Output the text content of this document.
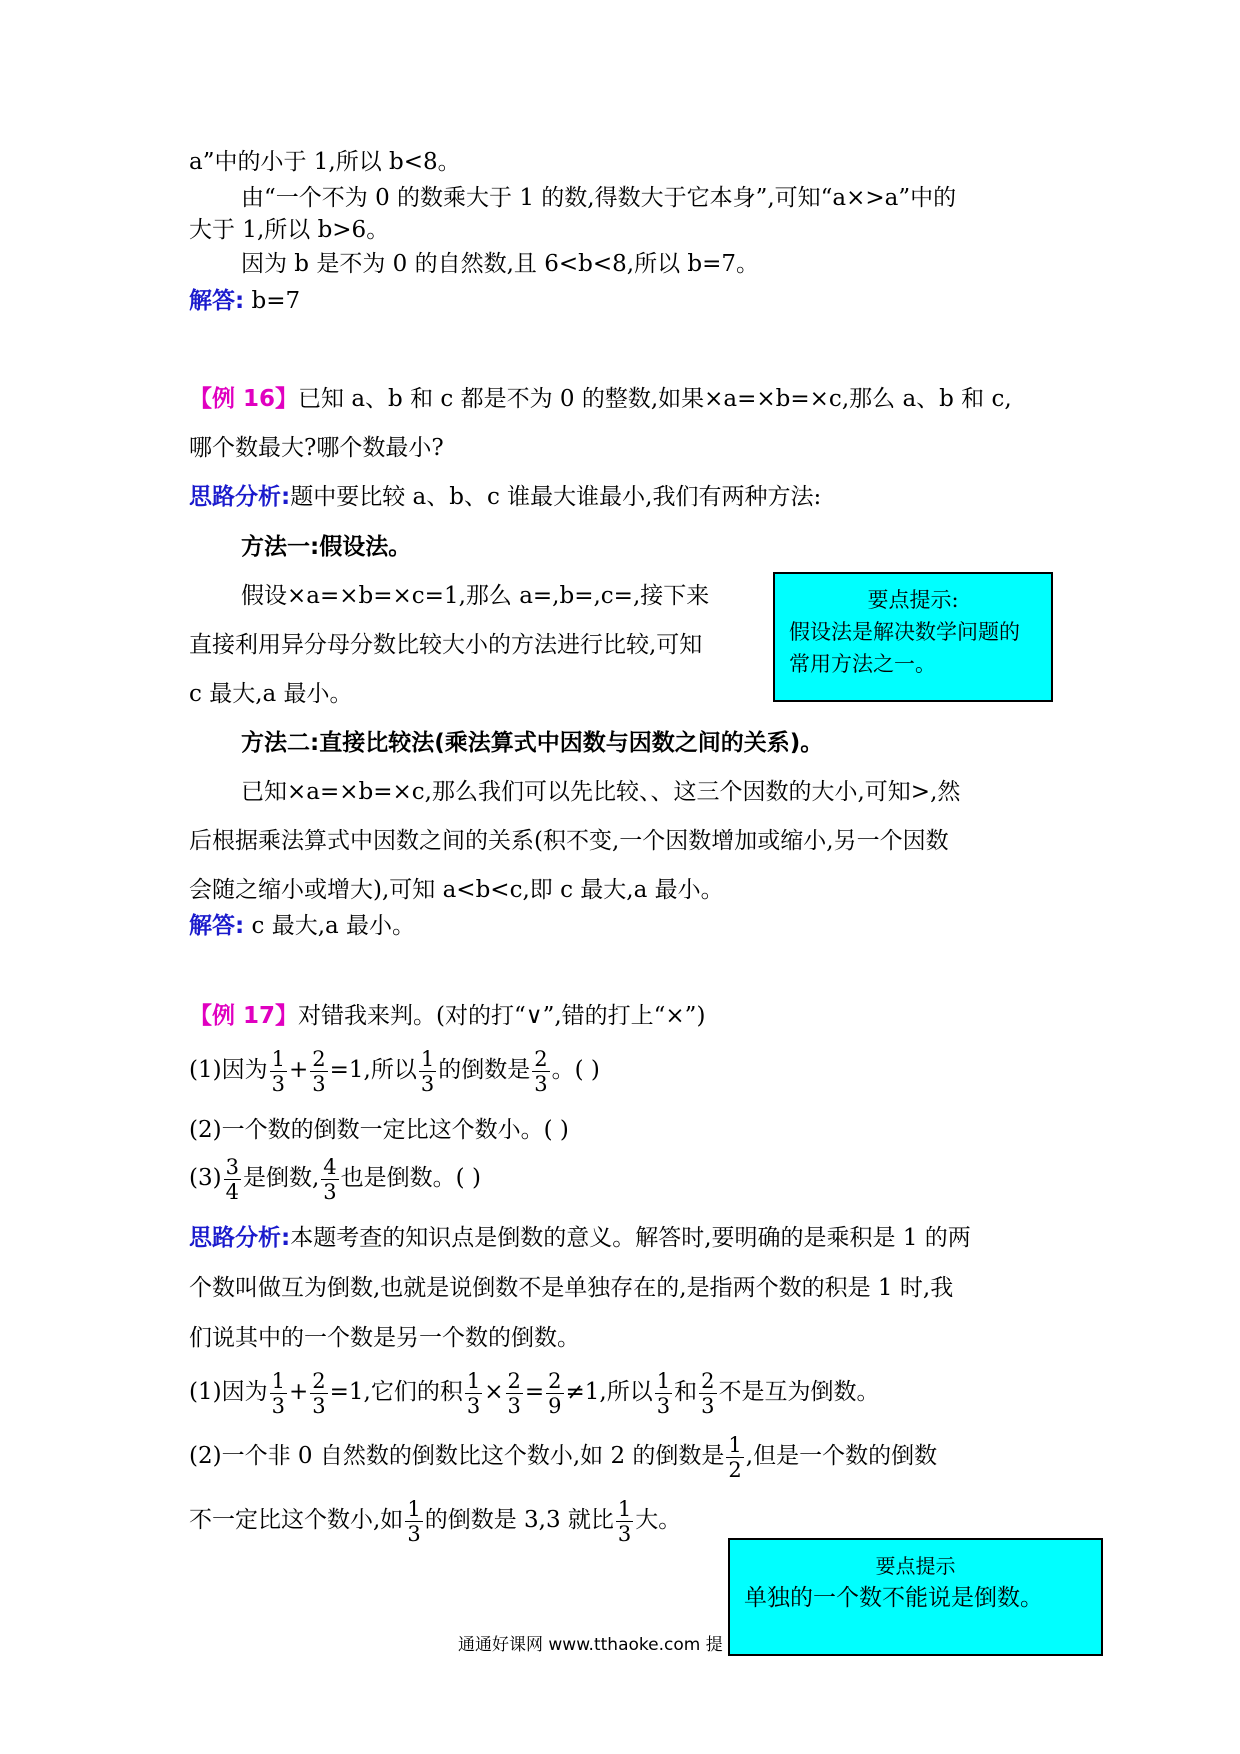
a”中的小于 1,所以 b<8。
由“一个不为 0 的数乘大于 1 的数,得数大于它本身”,可知“a×>a”中的
大于 1,所以 b>6。
因为 b 是不为 0 的自然数,且 6<b<8,所以 b=7。
解答: b=7
【例 16】已知 a、b 和 c 都是不为 0 的整数,如果×a=×b=×c,那么 a、b 和 c,
哪个数最大?哪个数最小?
思路分析:题中要比较 a、b、c 谁最大谁最小,我们有两种方法:
方法一:假设法。
假设×a=×b=×c=1,那么 a=,b=,c=,接下来
直接利用异分母分数比较大小的方法进行比较,可知
c 最大,a 最小。
要点提示:
假设法是解决数学问题的
常用方法之一。
方法二:直接比较法(乘法算式中因数与因数之间的关系)。
已知×a=×b=×c,那么我们可以先比较、、这三个因数的大小,可知>,然
后根据乘法算式中因数之间的关系(积不变,一个因数增加或缩小,另一个因数
会随之缩小或增大),可知 a<b<c,即 c 最大,a 最小。
解答: c 最大,a 最小。
【例 17】对错我来判。(对的打“∨”,错的打上“×”)
(1)因为 $\frac{1}{3} + \frac{2}{3} =1$,所以 $\frac{1}{3}$ 的倒数是 $\frac{2}{3}$ 。( )
(2)一个数的倒数一定比这个数小。( )
$(3) \frac{3}{4}$ 是倒数, $\frac{4}{3}$ 也是倒数。( )
思路分析:本题考查的知识点是倒数的意义。解答时,要明确的是乘积是 1 的两
个数叫做互为倒数,也就是说倒数不是单独存在的,是指两个数的积是 1 时,我
们说其中的一个数是另一个数的倒数。
(1)因为 $\frac{1}{3} + \frac{2}{3} =1$,它们的积 $\frac{1}{3} \times \frac{2}{3} = \frac{2}{9} \ne 1$,所以 $\frac{1}{3}$ 和 $\frac{2}{3}$ 不是互为倒数。
(2)一个非 0 自然数的倒数比这个数小,如 2 的倒数是 $\frac{1}{2}$ ,但是一个数的倒数
不一定比这个数小,如 $\frac{1}{3}$ 的倒数是 3,3 就比 $\frac{1}{3}$ 大。
通通好课网 www.tthaoke.com 提
要点提示
单独的一个数不能说是倒数。
